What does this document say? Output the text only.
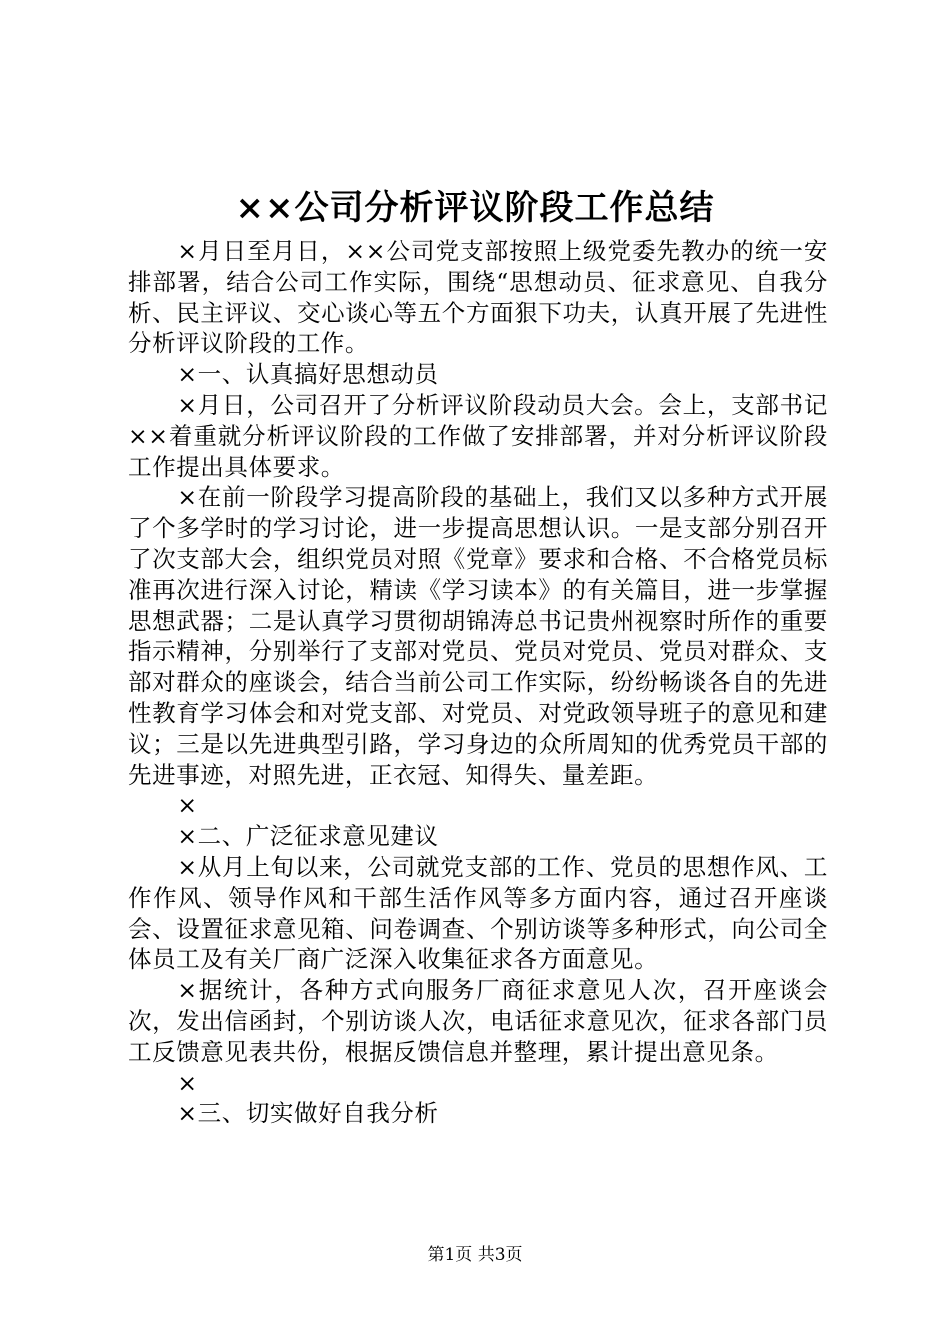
××公司分析评议阶段工作总结

×月日至月日，××公司党支部按照上级党委先教办的统一安排部署，结合公司工作实际，围绕“思想动员、征求意见、自我分析、民主评议、交心谈心等五个方面狠下功夫，认真开展了先进性分析评议阶段的工作。

×一、认真搞好思想动员

×月日，公司召开了分析评议阶段动员大会。会上，支部书记××着重就分析评议阶段的工作做了安排部署，并对分析评议阶段工作提出具体要求。

×在前一阶段学习提高阶段的基础上，我们又以多种方式开展了个多学时的学习讨论，进一步提高思想认识。一是支部分别召开了次支部大会，组织党员对照《党章》要求和合格、不合格党员标准再次进行深入讨论，精读《学习读本》的有关篇目，进一步掌握思想武器；二是认真学习贯彻胡锦涛总书记贵州视察时所作的重要指示精神，分别举行了支部对党员、党员对党员、党员对群众、支部对群众的座谈会，结合当前公司工作实际，纷纷畅谈各自的先进性教育学习体会和对党支部、对党员、对党政领导班子的意见和建议；三是以先进典型引路，学习身边的众所周知的优秀党员干部的先进事迹，对照先进，正衣冠、知得失、量差距。

×

×二、广泛征求意见建议

×从月上旬以来，公司就党支部的工作、党员的思想作风、工作作风、领导作风和干部生活作风等多方面内容，通过召开座谈会、设置征求意见箱、问卷调查、个别访谈等多种形式，向公司全体员工及有关厂商广泛深入收集征求各方面意见。

×据统计，各种方式向服务厂商征求意见人次，召开座谈会次，发出信函封，个别访谈人次，电话征求意见次，征求各部门员工反馈意见表共份，根据反馈信息并整理，累计提出意见条。

×

×三、切实做好自我分析

第1页 共3页
